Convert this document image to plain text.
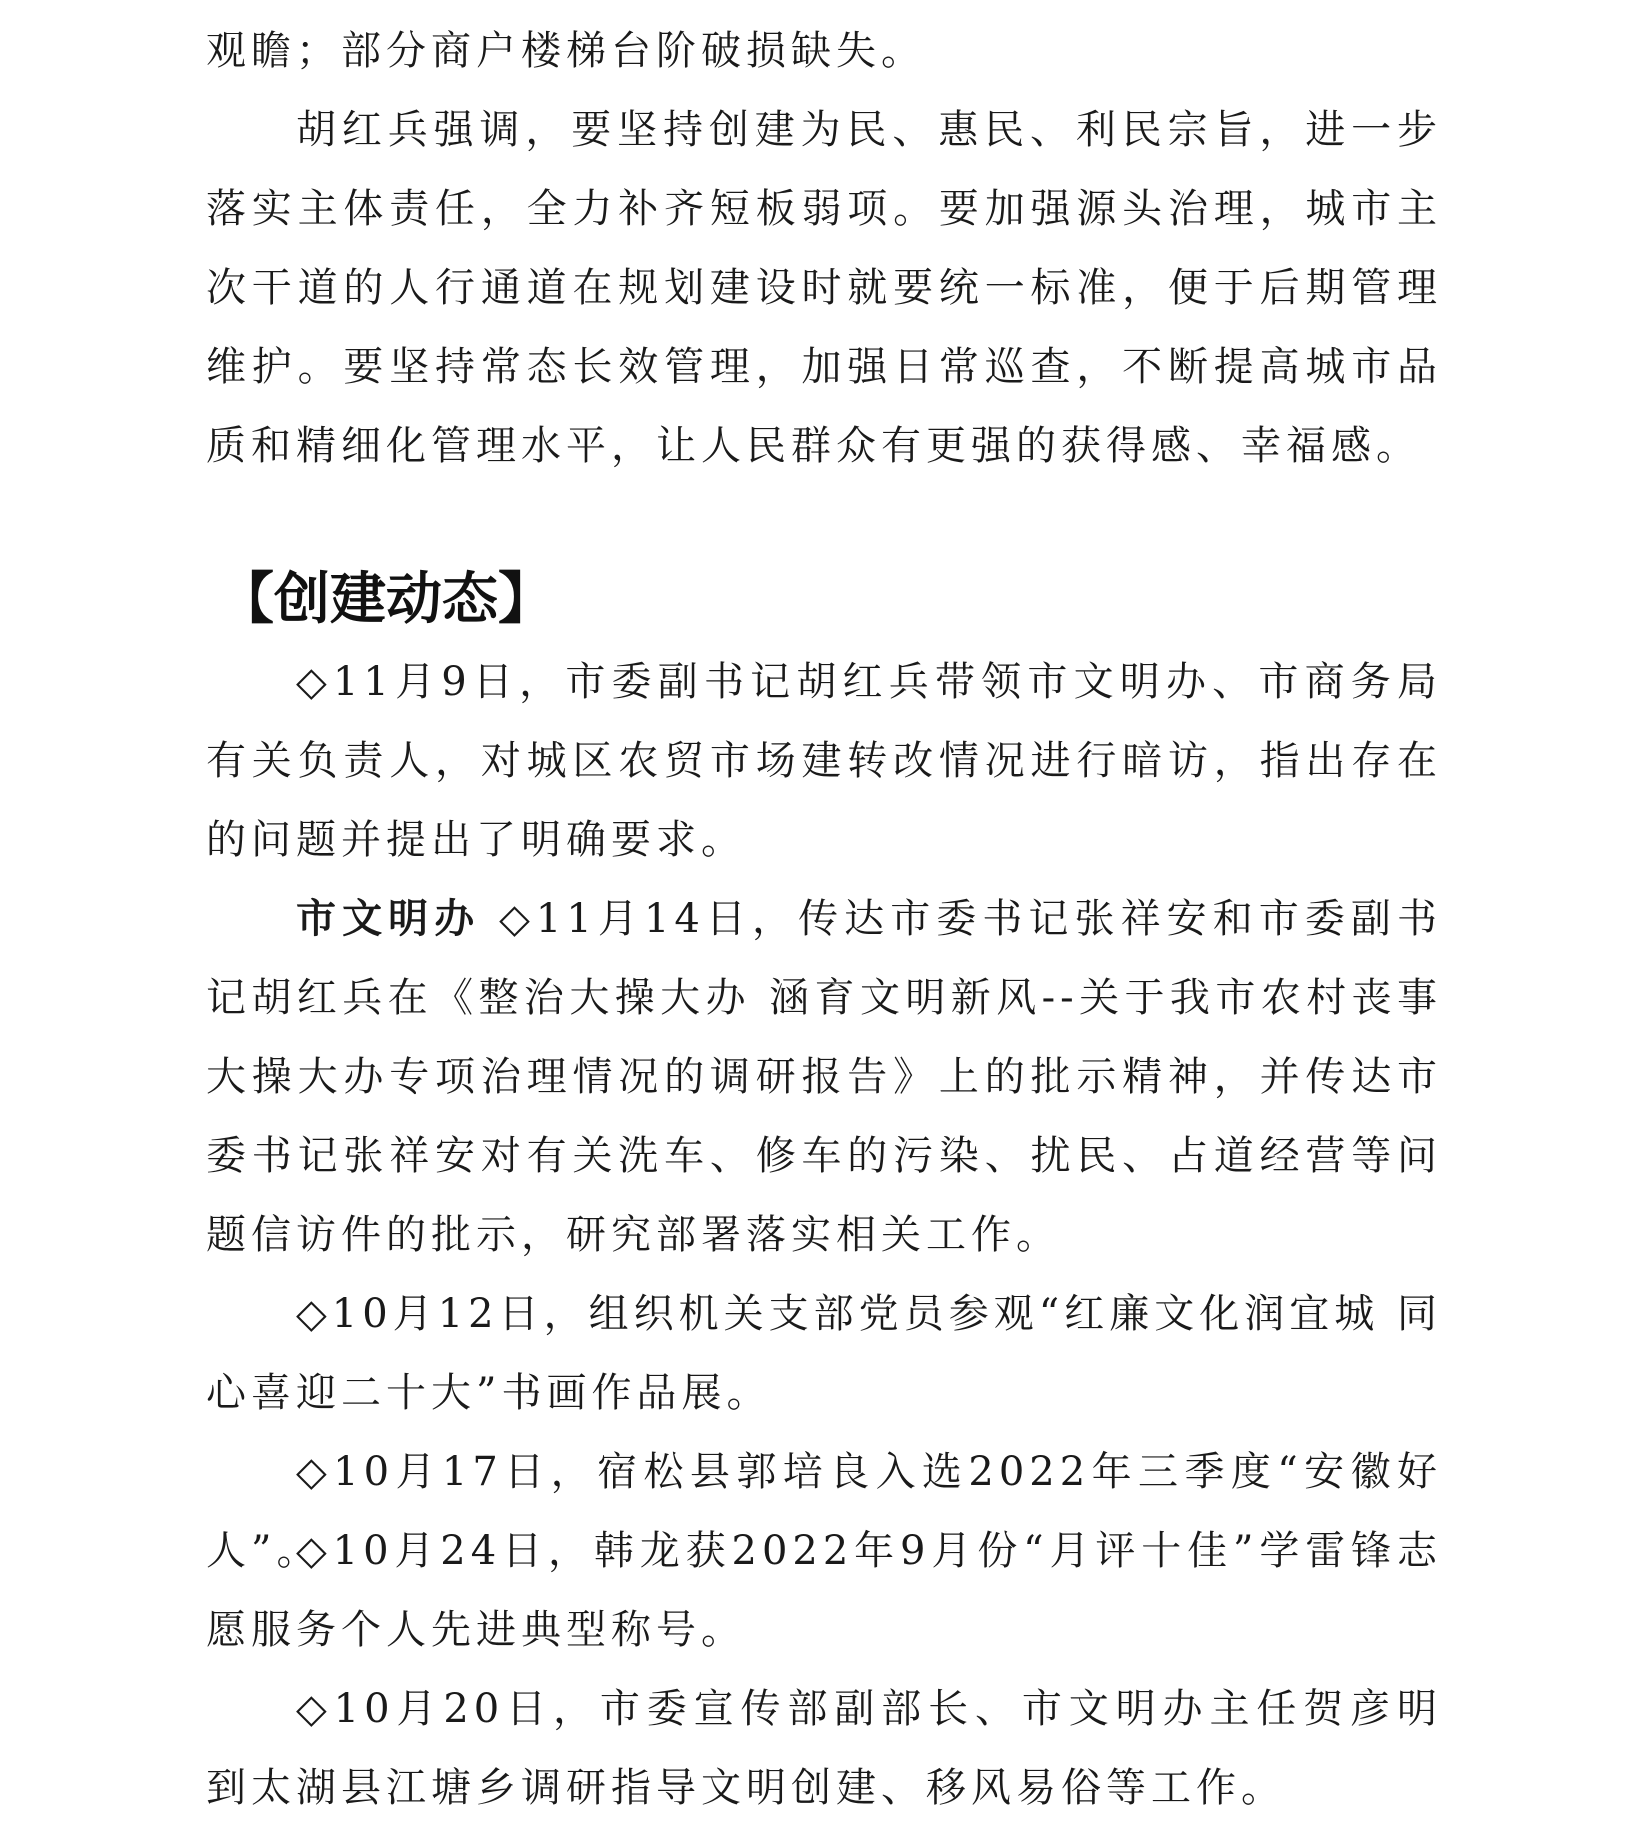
观瞻；部分商户楼梯台阶破损缺失。

胡红兵强调，要坚持创建为民、惠民、利民宗旨，进一步落实主体责任，全力补齐短板弱项。要加强源头治理，城市主次干道的人行通道在规划建设时就要统一标准，便于后期管理维护。要坚持常态长效管理，加强日常巡查，不断提高城市品质和精细化管理水平，让人民群众有更强的获得感、幸福感。

【创建动态】

◇11月9日，市委副书记胡红兵带领市文明办、市商务局有关负责人，对城区农贸市场建转改情况进行暗访，指出存在的问题并提出了明确要求。

市文明办 ◇11月14日，传达市委书记张祥安和市委副书记胡红兵在《整治大操大办 涵育文明新风--关于我市农村丧事大操大办专项治理情况的调研报告》上的批示精神，并传达市委书记张祥安对有关洗车、修车的污染、扰民、占道经营等问题信访件的批示，研究部署落实相关工作。

◇10月12日，组织机关支部党员参观“红廉文化润宜城 同心喜迎二十大”书画作品展。

◇10月17日，宿松县郭培良入选2022年三季度“安徽好人”。

◇10月24日，韩龙获2022年9月份“月评十佳”学雷锋志愿服务个人先进典型称号。

◇10月20日，市委宣传部副部长、市文明办主任贺彦明到太湖县江塘乡调研指导文明创建、移风易俗等工作。
